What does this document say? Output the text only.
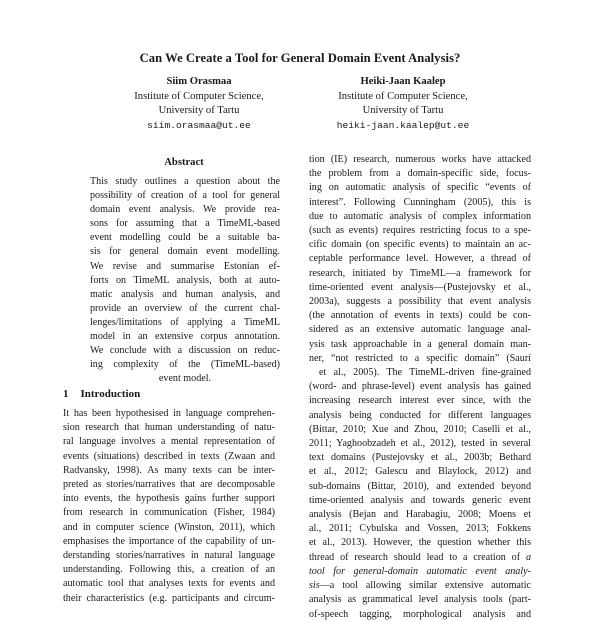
Can We Create a Tool for General Domain Event Analysis?
Siim Orasmaa
Institute of Computer Science,
University of Tartu
siim.orasmaa@ut.ee
Heiki-Jaan Kaalep
Institute of Computer Science,
University of Tartu
heiki-jaan.kaalep@ut.ee
Abstract
This study outlines a question about the
possibility of creation of a tool for general
domain event analysis. We provide rea-
sons for assuming that a TimeML-based
event modelling could be a suitable ba-
sis for general domain event modelling.
We revise and summarise Estonian ef-
forts on TimeML analysis, both at auto-
matic analysis and human analysis, and
provide an overview of the current chal-
lenges/limitations of applying a TimeML
model in an extensive corpus annotation.
We conclude with a discussion on reduc-
ing complexity of the (TimeML-based)
event model.
1 Introduction
It has been hypothesised in language comprehen-
sion research that human understanding of natu-
ral language involves a mental representation of
events (situations) described in texts (Zwaan and
Radvansky, 1998). As many texts can be inter-
preted as stories/narratives that are decomposable
into events, the hypothesis gains further support
from research in communication (Fisher, 1984)
and in computer science (Winston, 2011), which
emphasises the importance of the capability of un-
derstanding stories/narratives in natural language
understanding. Following this, a creation of an
automatic tool that analyses texts for events and
their characteristics (e.g. participants and circum-
tion (IE) research, numerous works have attacked
the problem from a domain-specific side, focus-
ing on automatic analysis of specific “events of
interest”. Following Cunningham (2005), this is
due to automatic analysis of complex information
(such as events) requires restricting focus to a spe-
cific domain (on specific events) to maintain an ac-
ceptable performance level. However, a thread of
research, initiated by TimeML—a framework for
time-oriented event analysis—(Pustejovsky et al.,
2003a), suggests a possibility that event analysis
(the annotation of events in texts) could be con-
sidered as an extensive automatic language anal-
ysis task approachable in a general domain man-
ner, “not restricted to a specific domain” (Saurí
et al., 2005). The TimeML-driven fine-grained
(word- and phrase-level) event analysis has gained
increasing research interest ever since, with the
analysis being conducted for different languages
(Bittar, 2010; Xue and Zhou, 2010; Caselli et al.,
2011; Yaghoobzadeh et al., 2012), tested in several
text domains (Pustejovsky et al., 2003b; Bethard
et al., 2012; Galescu and Blaylock, 2012) and
sub-domains (Bittar, 2010), and extended beyond
time-oriented analysis and towards generic event
analysis (Bejan and Harabagiu, 2008; Moens et
al., 2011; Cybulska and Vossen, 2013; Fokkens
et al., 2013). However, the question whether this
thread of research should lead to a creation of a
tool for general-domain automatic event analy-
sis—a tool allowing similar extensive automatic
analysis as grammatical level analysis tools (part-
of-speech tagging, morphological analysis and
